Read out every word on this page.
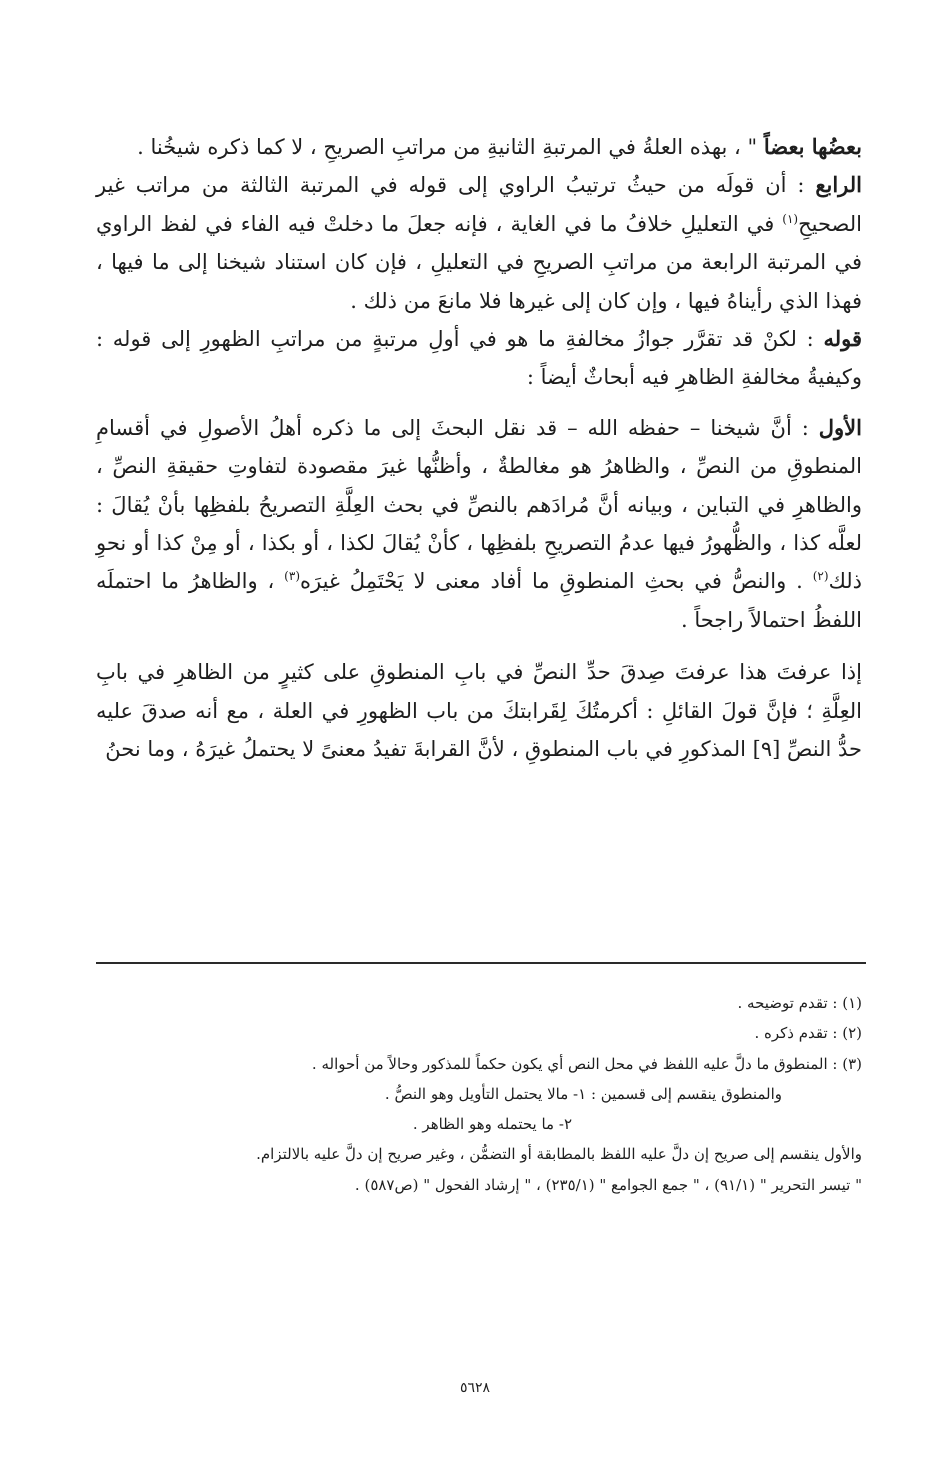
بعضُها بعضاً " ، بهذه العلةُ في المرتبةِ الثانيةِ من مراتبِ الصريحِ ، لا كما ذكره شيخُنا .

الرابع : أن قولَه من حيثُ ترتيبُ الراوي إلى قوله في المرتبة الثالثة من مراتب غير الصحيحِ$^{(١)}$ في التعليلِ خلافُ ما في الغاية ، فإنه جعلَ ما دخلتْ فيه الفاء في لفظ الراوي في المرتبة الرابعة من مراتبِ الصريحِ في التعليلِ ، فإن كان استناد شيخنا إلى ما فيها ، فهذا الذي رأيناهُ فيها ، وإن كان إلى غيرها فلا مانعَ من ذلك .

قوله : لكنْ قد تقرَّر جوازُ مخالفةِ ما هو في أولِ مرتبةٍ من مراتبِ الظهورِ إلى قوله : وكيفيةُ مخالفةِ الظاهرِ فيه أبحاثٌ أيضاً :

الأول : أنَّ شيخنا – حفظه الله – قد نقل البحثَ إلى ما ذكره أهلُ الأصولِ في أقسامِ المنطوقِ من النصِّ ، والظاهرُ هو مغالطةٌ ، وأظنُّها غيرَ مقصودة لتفاوتِ حقيقةِ النصِّ ، والظاهرِ في التباين ، وبيانه أنَّ مُرادَهم بالنصِّ في بحث العِلَّةِ التصريحُ بلفظِها بأنْ يُقالَ : لعلَّه كذا ، والظُّهورُ فيها عدمُ التصريحِ بلفظِها ، كأنْ يُقالَ لكذا ، أو بكذا ، أو مِنْ كذا أو نحوِ ذلك$^{(٢)}$ . والنصُّ في بحثِ المنطوقِ ما أفاد معنى لا يَحْتَمِلُ غيرَه$^{(٣)}$ ، والظاهرُ ما احتملَه اللفظُ احتمالاً راجحاً .

إذا عرفتَ هذا عرفتَ صِدقَ حدِّ النصِّ في بابِ المنطوقِ على كثيرٍ من الظاهرِ في بابِ العِلَّةِ ؛ فإنَّ قولَ القائلِ : أكرمتُكَ لِقَرابتكَ من باب الظهورِ في العلة ، مع أنه صدقَ عليه حدُّ النصِّ [٩] المذكورِ في باب المنطوقِ ، لأنَّ القرابةَ تفيدُ معنىً لا يحتملُ غيرَهُ ، وما نحنُ

(١) : تقدم توضيحه .

(٢) : تقدم ذكره .

(٣) : المنطوق ما دلَّ عليه اللفظ في محل النص أي يكون حكماً للمذكور وحالاً من أحواله .

والمنطوق ينقسم إلى قسمين : ١- مالا يحتمل التأويل وهو النصُّ .

٢- ما يحتمله وهو الظاهر .

والأول ينقسم إلى صريح إن دلَّ عليه اللفظ بالمطابقة أو التضمُّن ، وغير صريح إن دلَّ عليه بالالتزام.

" تيسر التحرير " (٩١/١) ، " جمع الجوامع " (٢٣٥/١) ، " إرشاد الفحول " (ص٥٨٧) .

٥٦٢٨
